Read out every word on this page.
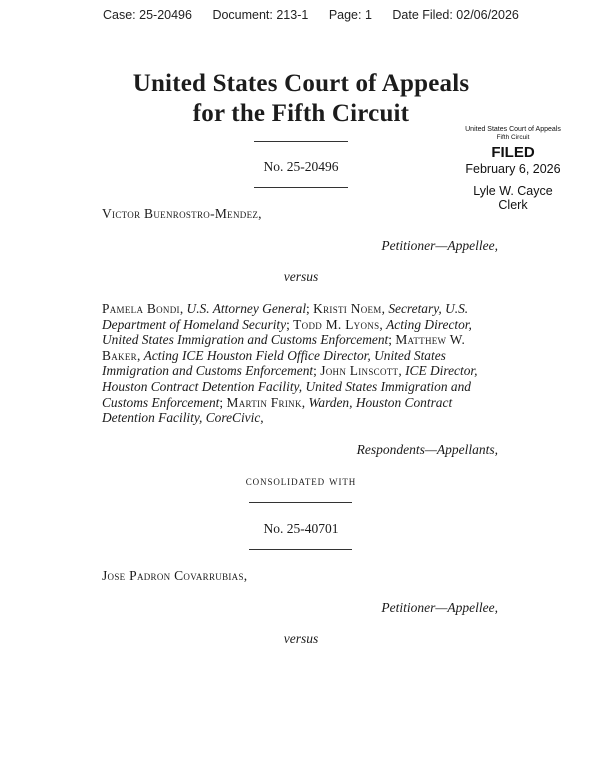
Case: 25-20496 Document: 213-1 Page: 1 Date Filed: 02/06/2026
United States Court of Appeals
for the Fifth Circuit
United States Court of Appeals
Fifth Circuit
FILED
February 6, 2026
Lyle W. Cayce
Clerk
No. 25-20496
Victor Buenrostro-Mendez,
Petitioner—Appellee,
versus
Pamela Bondi, U.S. Attorney General; Kristi Noem, Secretary, U.S. Department of Homeland Security; Todd M. Lyons, Acting Director, United States Immigration and Customs Enforcement; Matthew W. Baker, Acting ICE Houston Field Office Director, United States Immigration and Customs Enforcement; John Linscott, ICE Director, Houston Contract Detention Facility, United States Immigration and Customs Enforcement; Martin Frink, Warden, Houston Contract Detention Facility, CoreCivic,
Respondents—Appellants,
consolidated with
No. 25-40701
Jose Padron Covarrubias,
Petitioner—Appellee,
versus
